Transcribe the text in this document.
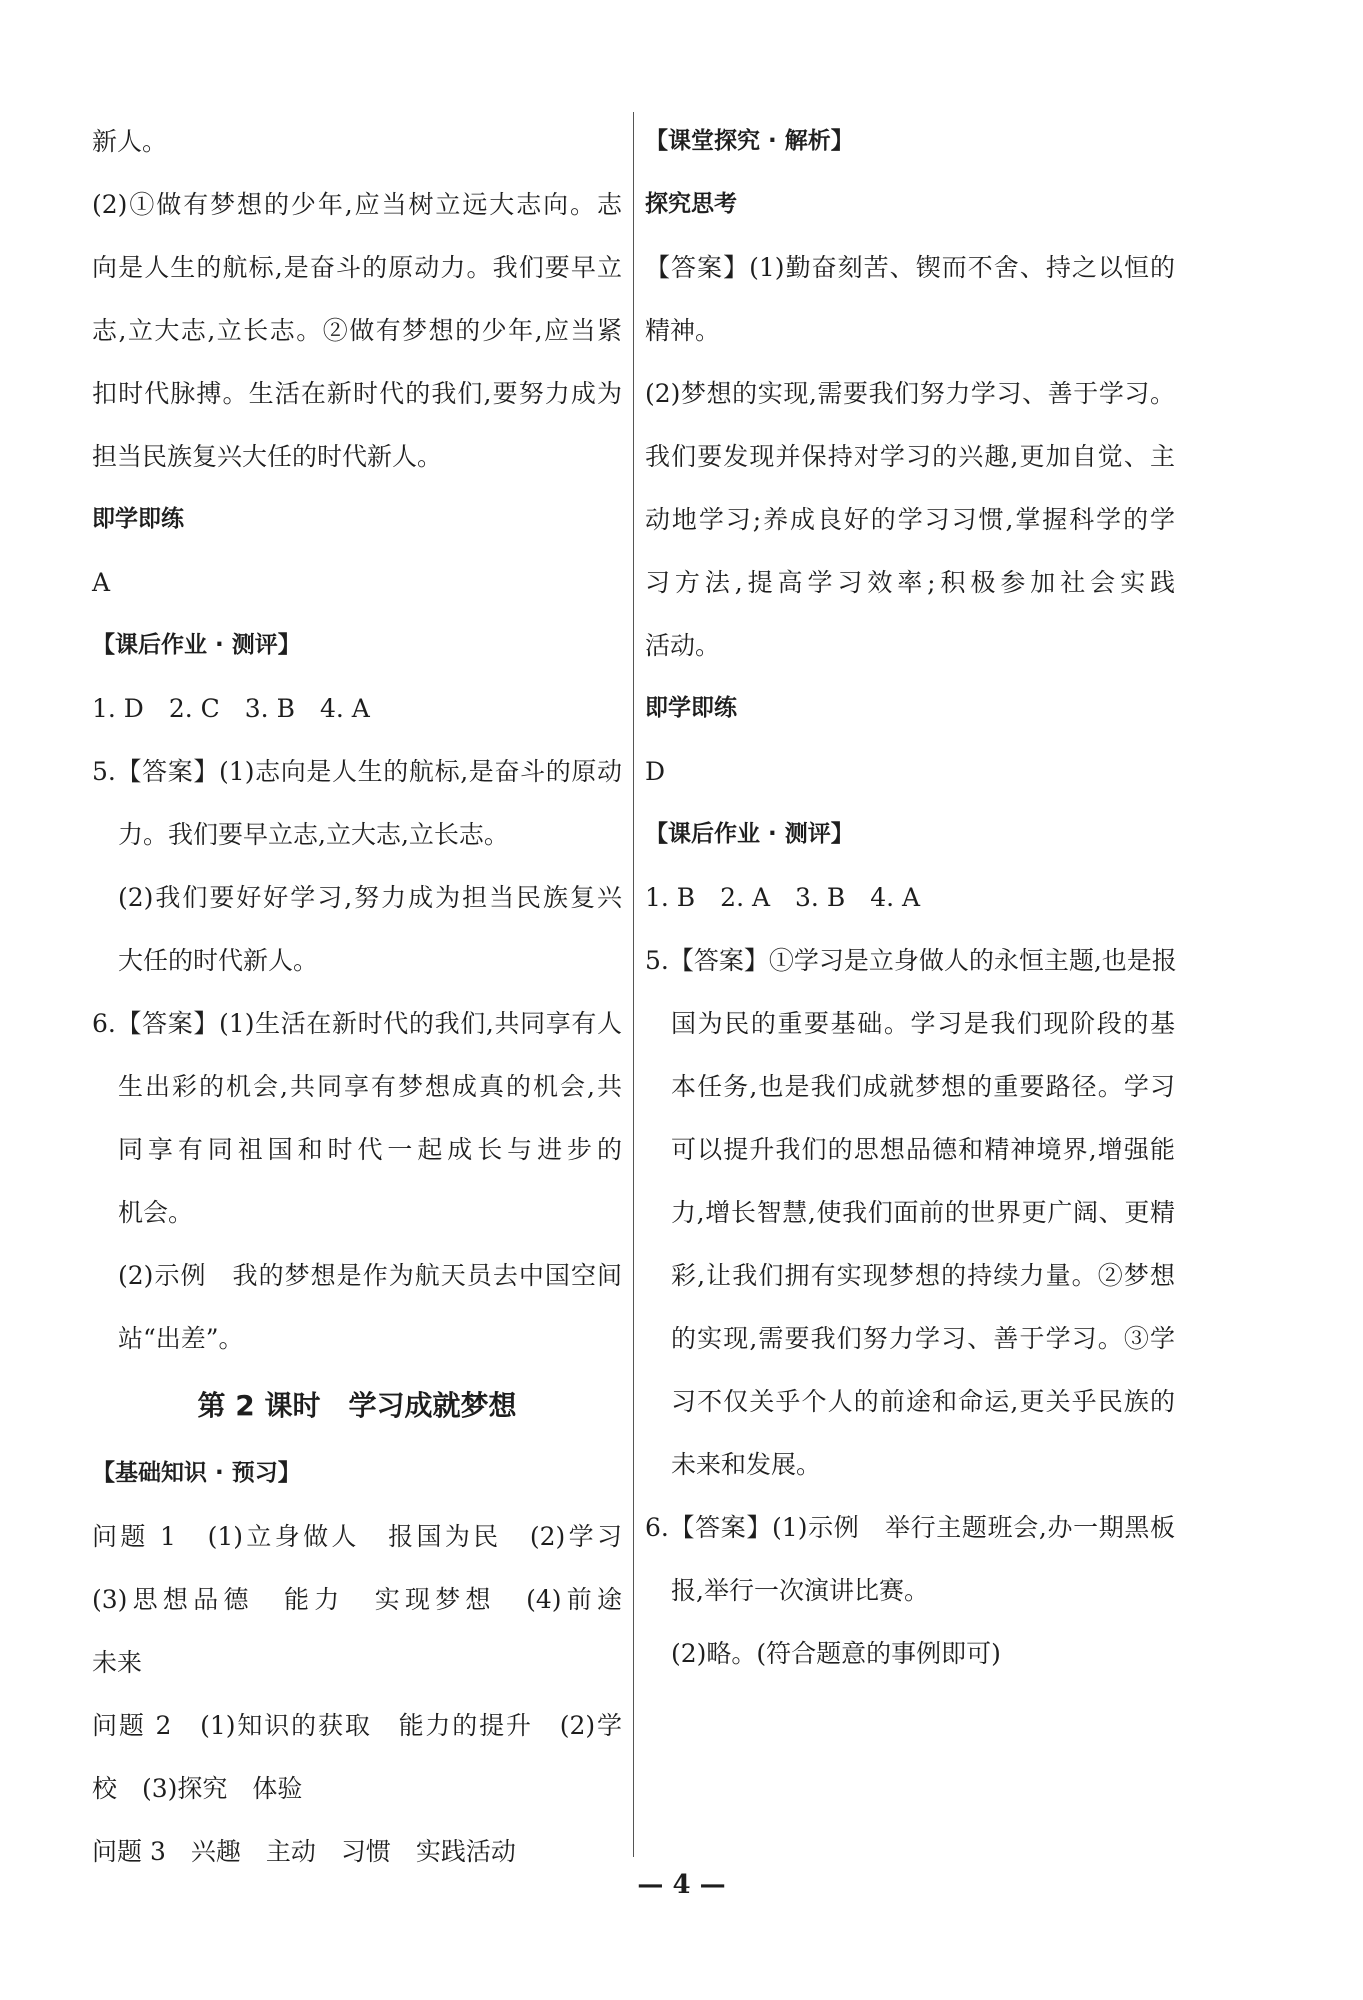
新人。
(2)①做有梦想的少年,应当树立远大志向。志
向是人生的航标,是奋斗的原动力。我们要早立
志,立大志,立长志。②做有梦想的少年,应当紧
扣时代脉搏。生活在新时代的我们,要努力成为
担当民族复兴大任的时代新人。
即学即练
A
【课后作业 · 测评】
1. D　2. C　3. B　4. A
5.【答案】(1)志向是人生的航标,是奋斗的原动
力。我们要早立志,立大志,立长志。
(2)我们要好好学习,努力成为担当民族复兴
大任的时代新人。
6.【答案】(1)生活在新时代的我们,共同享有人
生出彩的机会,共同享有梦想成真的机会,共
同享有同祖国和时代一起成长与进步的
机会。
(2)示例　我的梦想是作为航天员去中国空间
站“出差”。
第 2 课时　学习成就梦想
【基础知识 · 预习】
问题 1　(1)立身做人　报国为民　(2)学习
(3)思想品德　能力　实现梦想　(4)前途
未来
问题 2　(1)知识的获取　能力的提升　(2)学
校　(3)探究　体验
问题 3　兴趣　主动　习惯　实践活动
【课堂探究 · 解析】
探究思考
【答案】(1)勤奋刻苦、锲而不舍、持之以恒的
精神。
(2)梦想的实现,需要我们努力学习、善于学习。
我们要发现并保持对学习的兴趣,更加自觉、主
动地学习;养成良好的学习习惯,掌握科学的学
习方法,提高学习效率;积极参加社会实践
活动。
即学即练
D
【课后作业 · 测评】
1. B　2. A　3. B　4. A
5.【答案】①学习是立身做人的永恒主题,也是报
国为民的重要基础。学习是我们现阶段的基
本任务,也是我们成就梦想的重要路径。学习
可以提升我们的思想品德和精神境界,增强能
力,增长智慧,使我们面前的世界更广阔、更精
彩,让我们拥有实现梦想的持续力量。②梦想
的实现,需要我们努力学习、善于学习。③学
习不仅关乎个人的前途和命运,更关乎民族的
未来和发展。
6.【答案】(1)示例　举行主题班会,办一期黑板
报,举行一次演讲比赛。
(2)略。(符合题意的事例即可)
— 4 —
